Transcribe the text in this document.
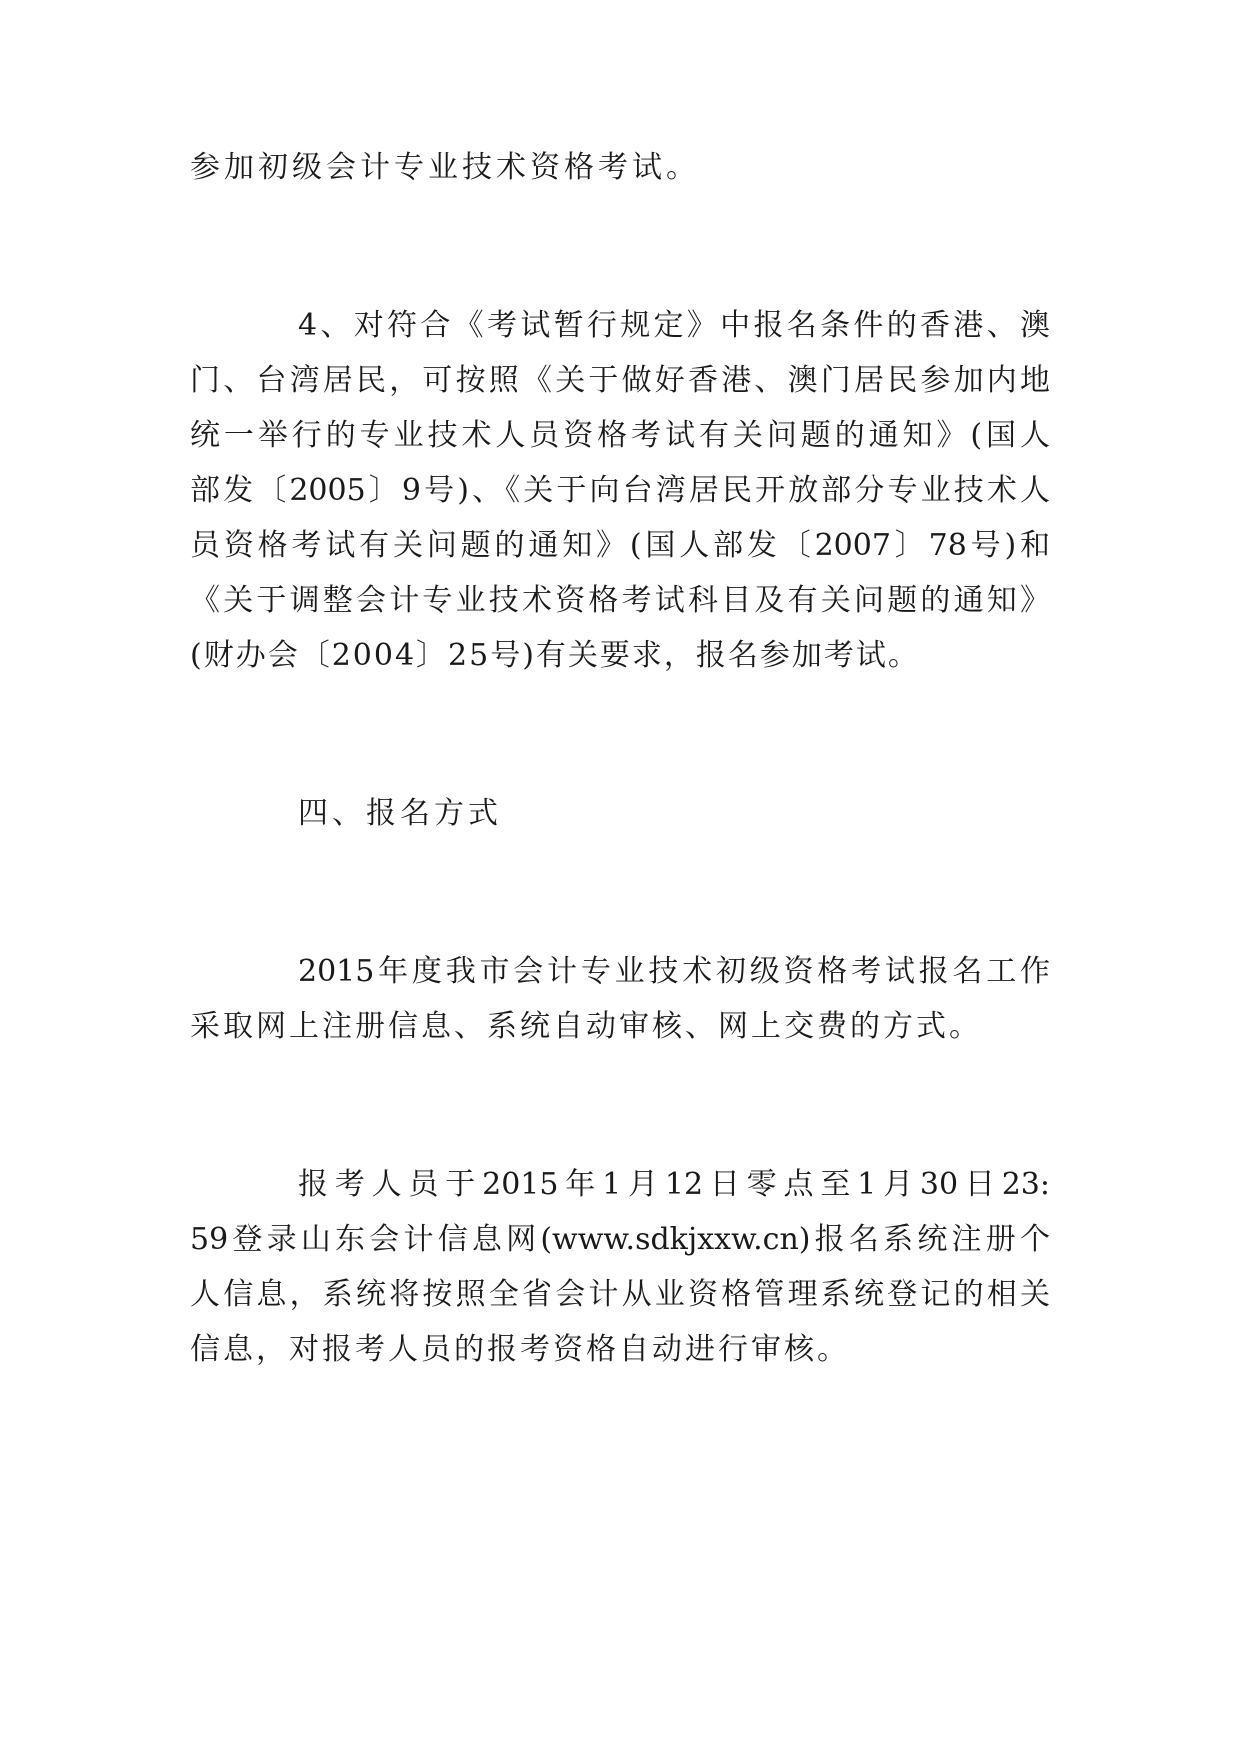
参加初级会计专业技术资格考试。
4、对符合《考试暂行规定》中报名条件的香港、澳
门、台湾居民，可按照《关于做好香港、澳门居民参加内地
统一举行的专业技术人员资格考试有关问题的通知》(国人
部发〔2005〕9号)、《关于向台湾居民开放部分专业技术人
员资格考试有关问题的通知》(国人部发〔2007〕78号)和
《关于调整会计专业技术资格考试科目及有关问题的通知》
(财办会〔2004〕25号)有关要求，报名参加考试。
四、报名方式
2015年度我市会计专业技术初级资格考试报名工作
采取网上注册信息、系统自动审核、网上交费的方式。
报考人员于2015年1月12日零点至1月30日23:
59登录山东会计信息网(www.sdkjxxw.cn)报名系统注册个
人信息，系统将按照全省会计从业资格管理系统登记的相关
信息，对报考人员的报考资格自动进行审核。
